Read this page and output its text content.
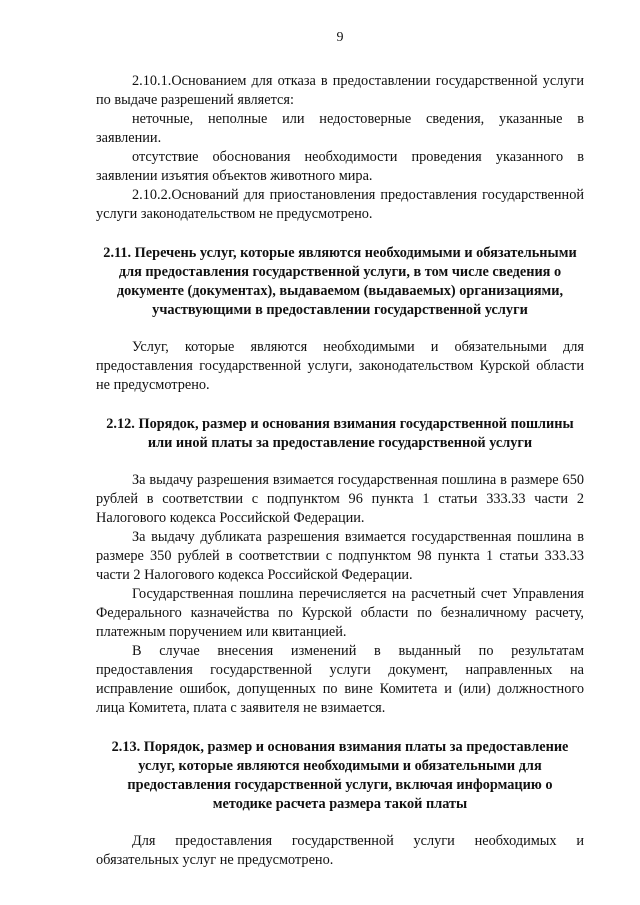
9

2.10.1.Основанием для отказа в предоставлении государственной услуги по выдаче разрешений является:

неточные, неполные или недостоверные сведения, указанные в заявлении.

отсутствие обоснования необходимости проведения указанного в заявлении изъятия объектов животного мира.

2.10.2.Оснований для приостановления предоставления государственной услуги законодательством не предусмотрено.

2.11. Перечень услуг, которые являются необходимыми и обязательными для предоставления государственной услуги, в том числе сведения о документе (документах), выдаваемом (выдаваемых) организациями, участвующими в предоставлении государственной услуги

Услуг, которые являются необходимыми и обязательными для предоставления государственной услуги, законодательством Курской области не предусмотрено.

2.12. Порядок, размер и основания взимания государственной пошлины или иной платы за предоставление государственной услуги

За выдачу разрешения взимается государственная пошлина в размере 650 рублей в соответствии с подпунктом 96 пункта 1 статьи 333.33 части 2 Налогового кодекса Российской Федерации.

За выдачу дубликата разрешения взимается государственная пошлина в размере 350 рублей в соответствии с подпунктом 98 пункта 1 статьи 333.33 части 2 Налогового кодекса Российской Федерации.

Государственная пошлина перечисляется на расчетный счет Управления Федерального казначейства по Курской области по безналичному расчету, платежным поручением или квитанцией.

В случае внесения изменений в выданный по результатам предоставления государственной услуги документ, направленных на исправление ошибок, допущенных по вине Комитета и (или) должностного лица Комитета, плата с заявителя не взимается.

2.13. Порядок, размер и основания взимания платы за предоставление услуг, которые являются необходимыми и обязательными для предоставления государственной услуги, включая информацию о методике расчета размера такой платы

Для предоставления государственной услуги необходимых и обязательных услуг не предусмотрено.
